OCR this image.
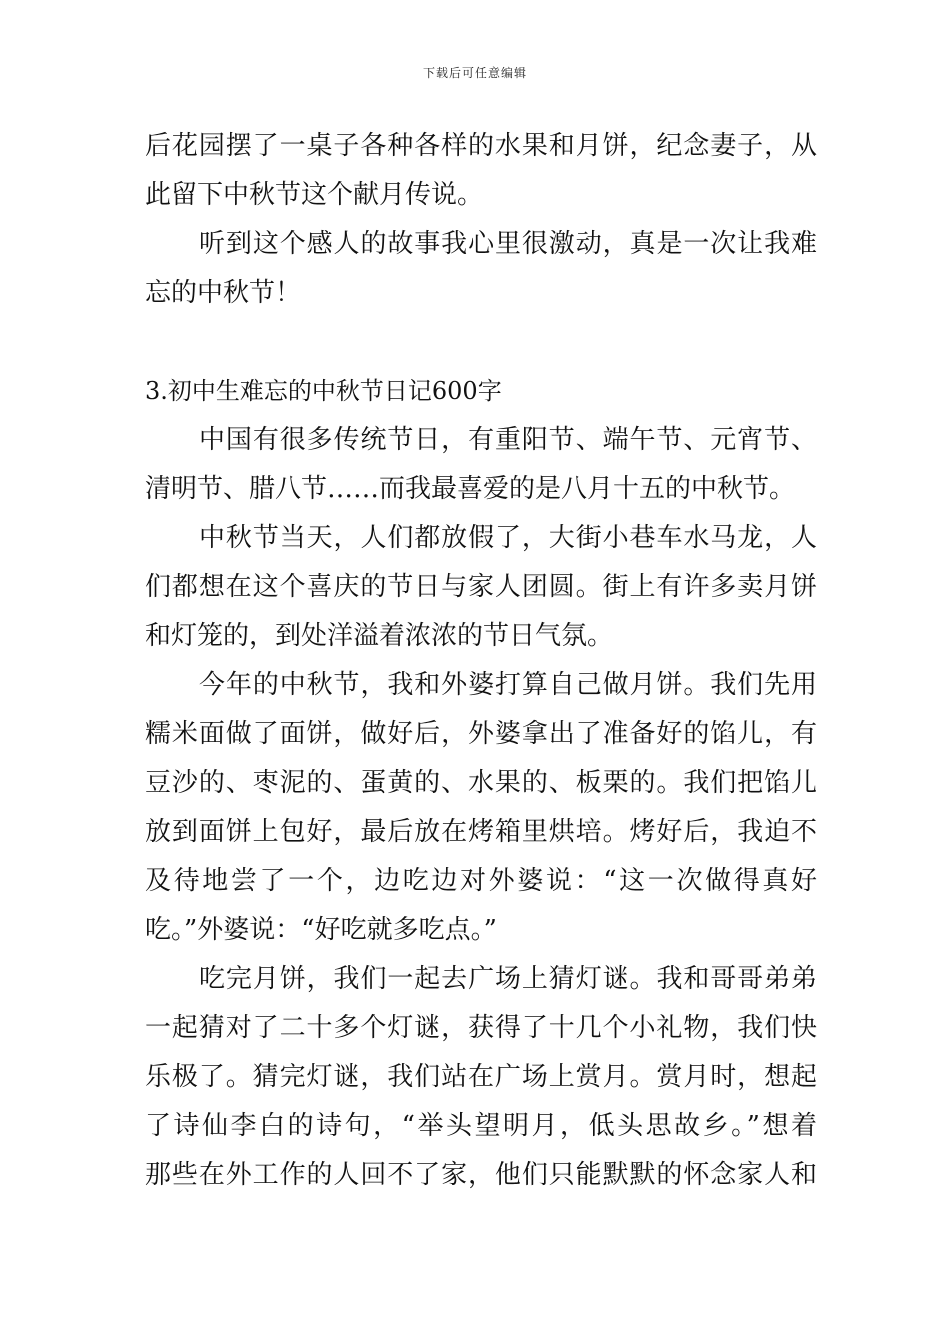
下载后可任意编辑
后花园摆了一桌子各种各样的水果和月饼，纪念妻子，从
此留下中秋节这个献月传说。
听到这个感人的故事我心里很激动，真是一次让我难
忘的中秋节！
3.初中生难忘的中秋节日记600字
中国有很多传统节日，有重阳节、端午节、元宵节、
清明节、腊八节……而我最喜爱的是八月十五的中秋节。
中秋节当天，人们都放假了，大街小巷车水马龙，人
们都想在这个喜庆的节日与家人团圆。街上有许多卖月饼
和灯笼的，到处洋溢着浓浓的节日气氛。
今年的中秋节，我和外婆打算自己做月饼。我们先用
糯米面做了面饼，做好后，外婆拿出了准备好的馅儿，有
豆沙的、枣泥的、蛋黄的、水果的、板栗的。我们把馅儿
放到面饼上包好，最后放在烤箱里烘培。烤好后，我迫不
及待地尝了一个，边吃边对外婆说：“这一次做得真好
吃。”外婆说：“好吃就多吃点。”
吃完月饼，我们一起去广场上猜灯谜。我和哥哥弟弟
一起猜对了二十多个灯谜，获得了十几个小礼物，我们快
乐极了。猜完灯谜，我们站在广场上赏月。赏月时，想起
了诗仙李白的诗句，“举头望明月，低头思故乡。”想着
那些在外工作的人回不了家，他们只能默默的怀念家人和
